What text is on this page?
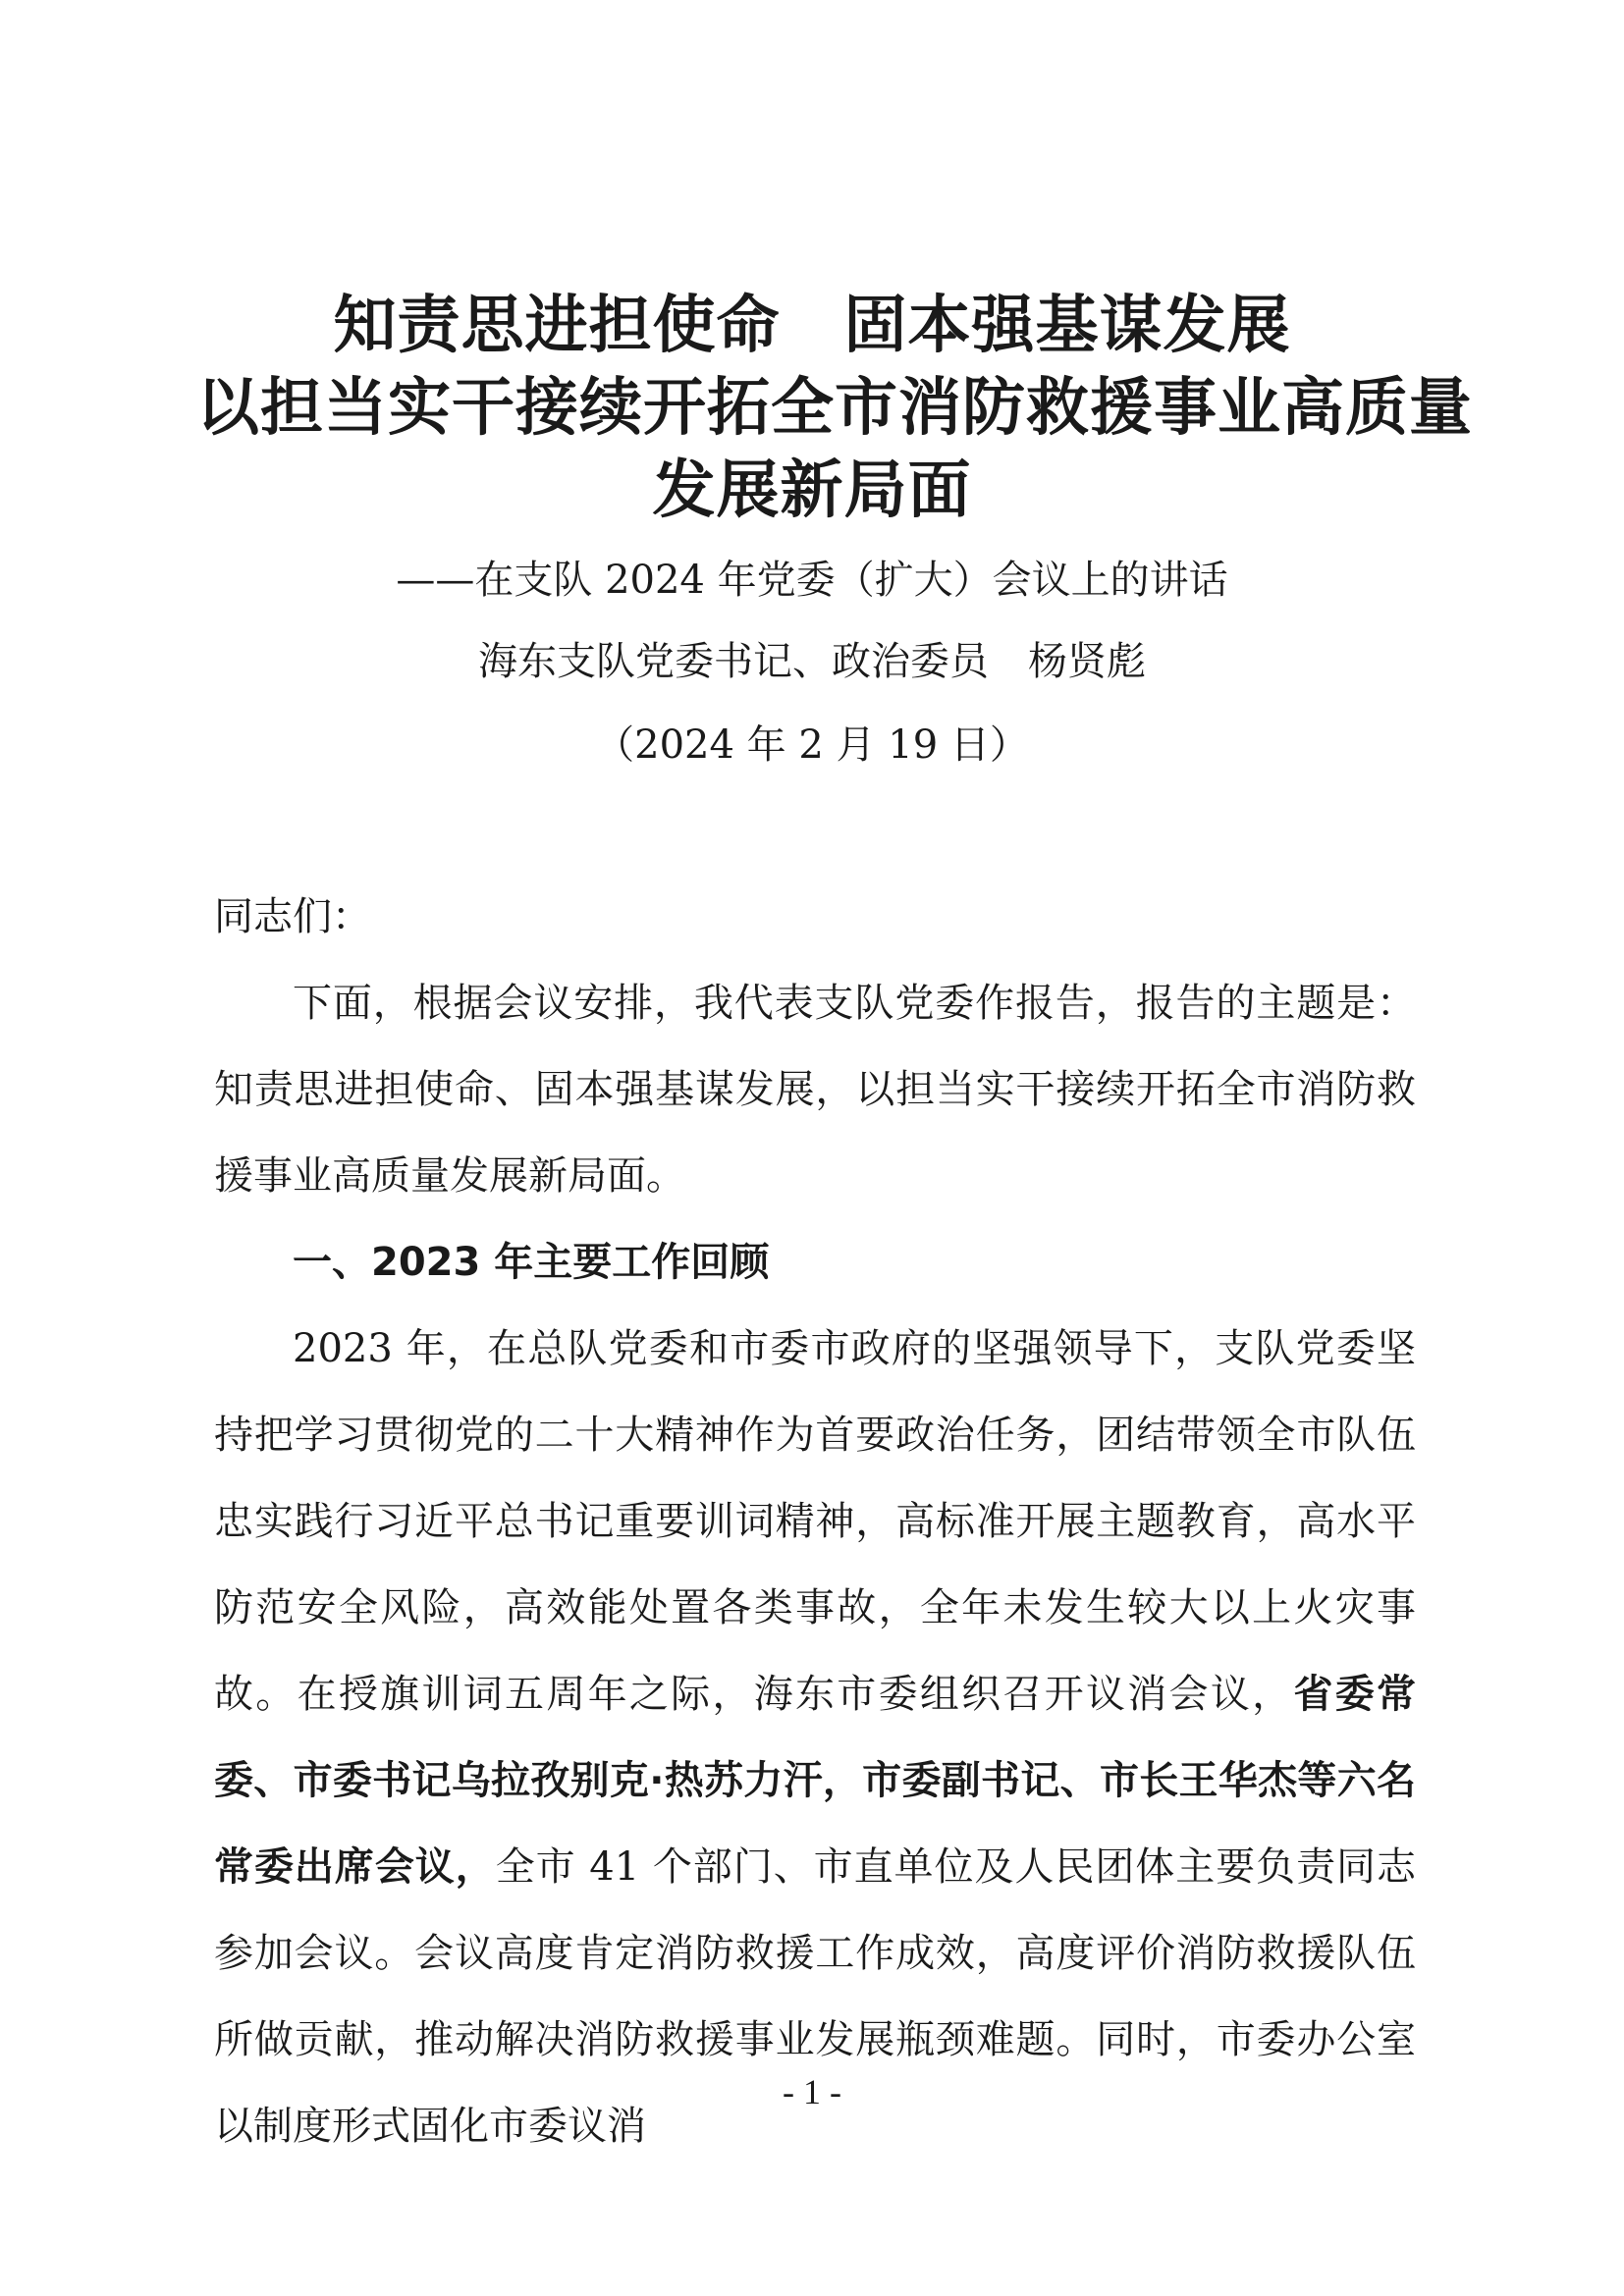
知责思进担使命　固本强基谋发展
以担当实干接续开拓全市消防救援事业高质量
发展新局面
——在支队 2024 年党委（扩大）会议上的讲话
海东支队党委书记、政治委员　杨贤彪
（2024 年 2 月 19 日）

同志们：

下面，根据会议安排，我代表支队党委作报告，报告的主题是：知责思进担使命、固本强基谋发展，以担当实干接续开拓全市消防救援事业高质量发展新局面。

一、2023 年主要工作回顾

2023 年，在总队党委和市委市政府的坚强领导下，支队党委坚持把学习贯彻党的二十大精神作为首要政治任务，团结带领全市队伍忠实践行习近平总书记重要训词精神，高标准开展主题教育，高水平防范安全风险，高效能处置各类事故，全年未发生较大以上火灾事故。在授旗训词五周年之际，海东市委组织召开议消会议，省委常委、市委书记乌拉孜别克·热苏力汗，市委副书记、市长王华杰等六名常委出席会议，全市 41 个部门、市直单位及人民团体主要负责同志参加会议。会议高度肯定消防救援工作成效，高度评价消防救援队伍所做贡献，推动解决消防救援事业发展瓶颈难题。同时，市委办公室以制度形式固化市委议消

- 1 -
